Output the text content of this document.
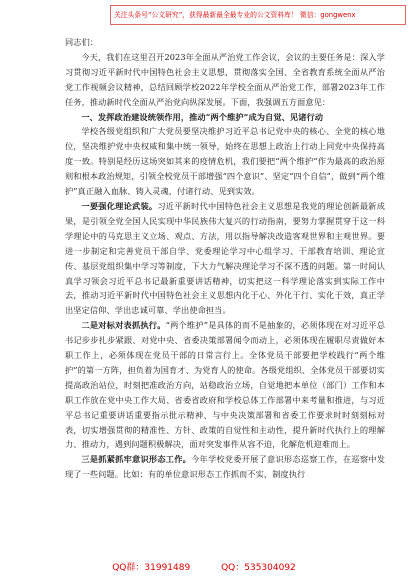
关注头条号“公文研究”，获得最新最全最专业的公文资料库！ 微信：gongwenx

同志们：

今天，我们在这里召开2023年全面从严治党工作会议，会议的主要任务是：深入学习贯彻习近平新时代中国特色社会主义思想，贯彻落实全国、全省教育系统全面从严治党工作视频会议精神，总结回顾学校2022年学校全面从严治党工作，部署2023年工作任务，推动新时代全面从严治党向纵深发展。下面，我强调五方面意见：

一、发挥政治建设统领作用，推动“两个维护”成为自觉、见诸行动

学校各级党组织和广大党员要坚决维护习近平总书记党中央的核心、全党的核心地位，坚决维护党中央权威和集中统一领导，始终在思想上政治上行动上同党中央保持高度一致。特别是经历这场突如其来的疫情危机，我们要把“两个维护”作为最高的政治原则和根本政治规矩，引领全校党员干部增强“四个意识”、坚定“四个自信”，做到“两个维护”真正融入血脉、铸入灵魂，付诸行动、见到实效。

一要强化理论武装。习近平新时代中国特色社会主义思想是我党的理论创新最新成果，是引领全党全国人民实现中华民族伟大复兴的行动指南，要努力掌握贯穿于这一科学理论中的马克思主义立场、观点、方法，用以指导解决改造客观世界和主观世界。要进一步制定和完善党员干部自学、党委理论学习中心组学习、干部教育培训、理论宣传、基层党组织集中学习等制度，下大力气解决理论学习不深不透的问题。第一时间认真学习领会习近平总书记最新重要讲话精神，切实把这一科学理论落实到实际工作中去，推动习近平新时代中国特色社会主义思想内化于心、外化于行、实化于效，真正学出坚定信仰、学出忠诚可靠、学出使命担当。

二是对标对表抓执行。“两个维护”是具体的而不是抽象的，必须体现在对习近平总书记步步扎步紧跟、对党中央、省委决策部署闻令而动上，必须体现在履职尽责做好本职工作上，必须体现在党员干部的日常言行上。全体党员干部要把学校践行“两个维护”的第一方阵，担负着为国育才、为党育人的使命。各级党组织、全体党员干部要切实提高政治站位，时刻把准政治方向，站稳政治立场，自觉地把本单位（部门）工作和本职工作放在党中央工作大局、省委省政府和学校总体工作部署中来考量和推进，与习近平总书记重要讲话重要指示批示精神、与中央决策部署和省委工作要求时时刻刻标对表，切实增强贯彻的精准性、方针、政策的自觉性和主动性，提升新时代执行上的理解力、推动力，遇到问题积极解决，面对突发事件从容不迫，化解危机迎难而上。

三是抓紧抓牢意识形态工作。今年学校党委开展了意识形态巡察工作，在巡察中发现了一些问题。比如：有的单位意识形态工作抓而不实，制度执行

QQ群：31991489	QQ：535304092
